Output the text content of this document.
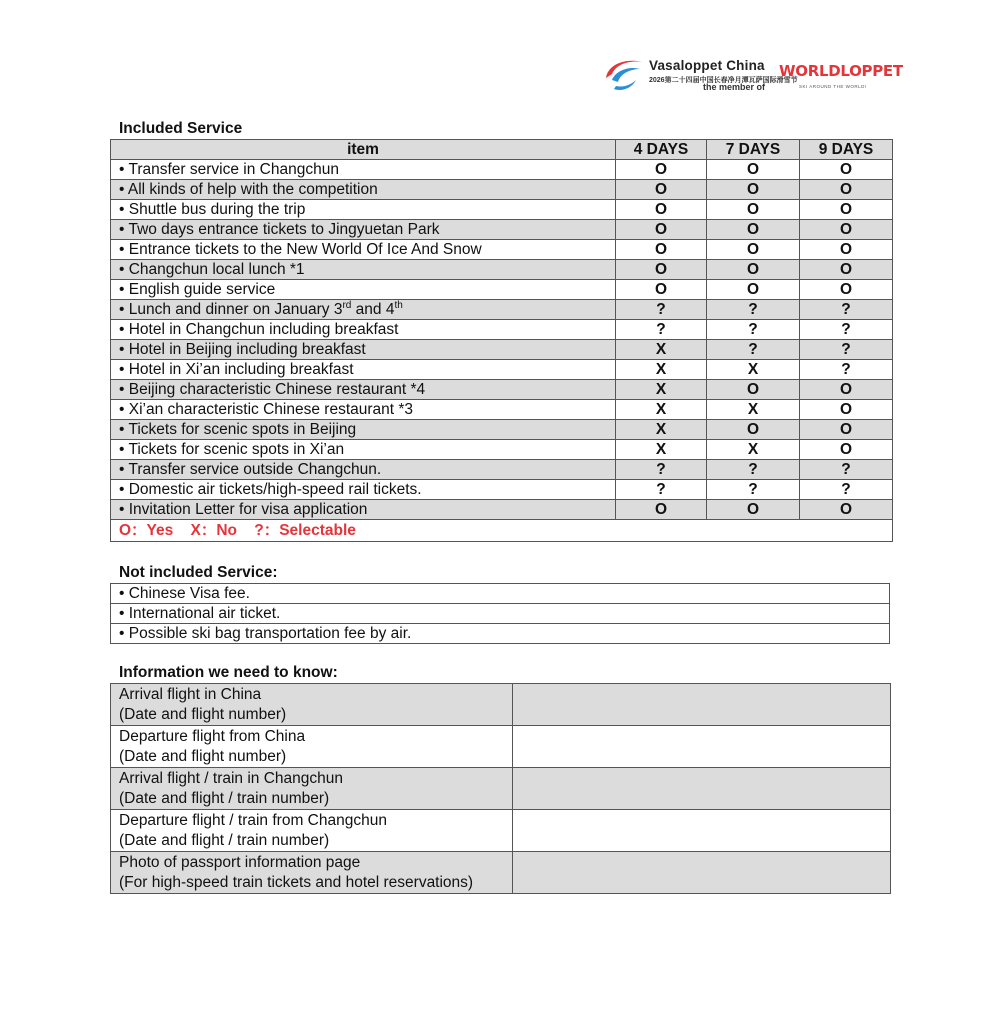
Vasaloppet China
2026第二十四届中国长春净月潭瓦萨国际滑雪节
the member of
WORLDLOPPET
SKI AROUND THE WORLD!
Included Service
item	4 DAYS	7 DAYS	9 DAYS
• Transfer service in Changchun	O	O	O
• All kinds of help with the competition	O	O	O
• Shuttle bus during the trip	O	O	O
• Two days entrance tickets to Jingyuetan Park	O	O	O
• Entrance tickets to the New World Of Ice And Snow	O	O	O
• Changchun local lunch *1	O	O	O
• English guide service	O	O	O
• Lunch and dinner on January 3rd and 4th	?	?	?
• Hotel in Changchun including breakfast	?	?	?
• Hotel in Beijing including breakfast	X	?	?
• Hotel in Xi’an including breakfast	X	X	?
• Beijing characteristic Chinese restaurant *4	X	O	O
• Xi’an characteristic Chinese restaurant *3	X	X	O
• Tickets for scenic spots in Beijing	X	O	O
• Tickets for scenic spots in Xi’an	X	X	O
• Transfer service outside Changchun.	?	?	?
• Domestic air tickets/high-speed rail tickets.	?	?	?
• Invitation Letter for visa application	O	O	O
O：Yes    X：No    ?：Selectable			
Not included Service:
• Chinese Visa fee.
• International air ticket.
• Possible ski bag transportation fee by air.
Information we need to know:
Arrival flight in China
(Date and flight number)	
Departure flight from China
(Date and flight number)	
Arrival flight / train in Changchun
(Date and flight / train number)	
Departure flight / train from Changchun
(Date and flight / train number)	
Photo of passport information page
(For high-speed train tickets and hotel reservations)	
